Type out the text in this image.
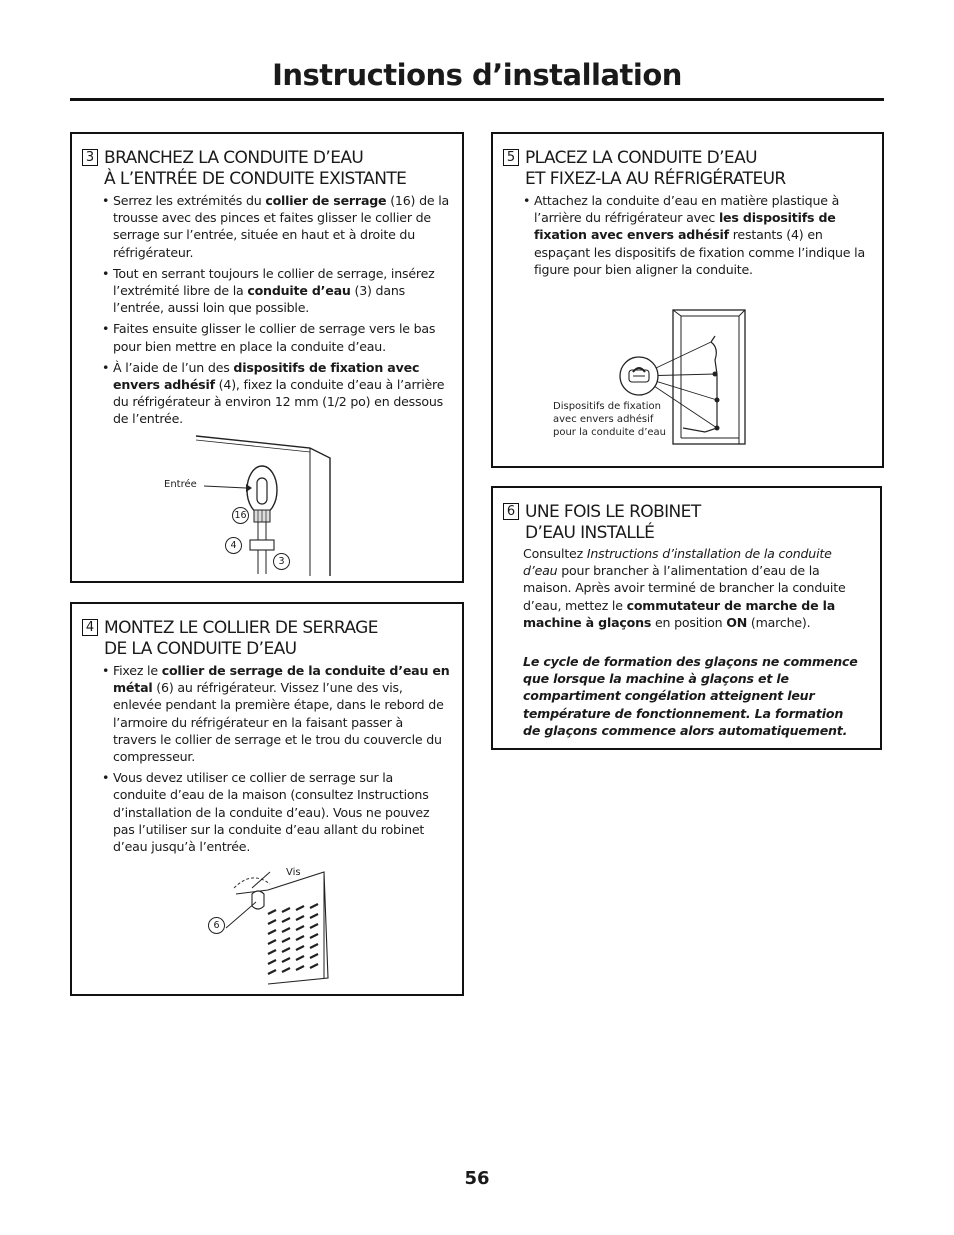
Instructions d’installation
3 BRANCHEZ LA CONDUITE D’EAU
À L’ENTRÉE DE CONDUITE EXISTANTE
• Serrez les extrémités du collier de serrage (16) de la trousse avec des pinces et faites glisser le collier de serrage sur l’entrée, située en haut et à droite du réfrigérateur.
• Tout en serrant toujours le collier de serrage, insérez l’extrémité libre de la conduite d’eau (3) dans l’entrée, aussi loin que possible.
• Faites ensuite glisser le collier de serrage vers le bas pour bien mettre en place la conduite d’eau.
• À l’aide de l’un des dispositifs de fixation avec envers adhésif (4), fixez la conduite d’eau à l’arrière du réfrigérateur à environ 12 mm (1/2 po) en dessous de l’entrée.
Entrée
16
4
3
4 MONTEZ LE COLLIER DE SERRAGE
DE LA CONDUITE D’EAU
• Fixez le collier de serrage de la conduite d’eau en métal (6) au réfrigérateur. Vissez l’une des vis, enlevée pendant la première étape, dans le rebord de l’armoire du réfrigérateur en la faisant passer à travers le collier de serrage et le trou du couvercle du compresseur.
• Vous devez utiliser ce collier de serrage sur la conduite d’eau de la maison (consultez Instructions d’installation de la conduite d’eau). Vous ne pouvez pas l’utiliser sur la conduite d’eau allant du robinet d’eau jusqu’à l’entrée.
Vis
6
5 PLACEZ LA CONDUITE D’EAU
ET FIXEZ-LA AU RÉFRIGÉRATEUR
• Attachez la conduite d’eau en matière plastique à l’arrière du réfrigérateur avec les dispositifs de fixation avec envers adhésif restants (4) en espaçant les dispositifs de fixation comme l’indique la figure pour bien aligner la conduite.
Dispositifs de fixation
avec envers adhésif
pour la conduite d’eau
6 UNE FOIS LE ROBINET
D’EAU INSTALLÉ
Consultez Instructions d’installation de la conduite d’eau pour brancher à l’alimentation d’eau de la maison. Après avoir terminé de brancher la conduite d’eau, mettez le commutateur de marche de la machine à glaçons en position ON (marche).
Le cycle de formation des glaçons ne commence que lorsque la machine à glaçons et le compartiment congélation atteignent leur température de fonctionnement. La formation de glaçons commence alors automatiquement.
56
